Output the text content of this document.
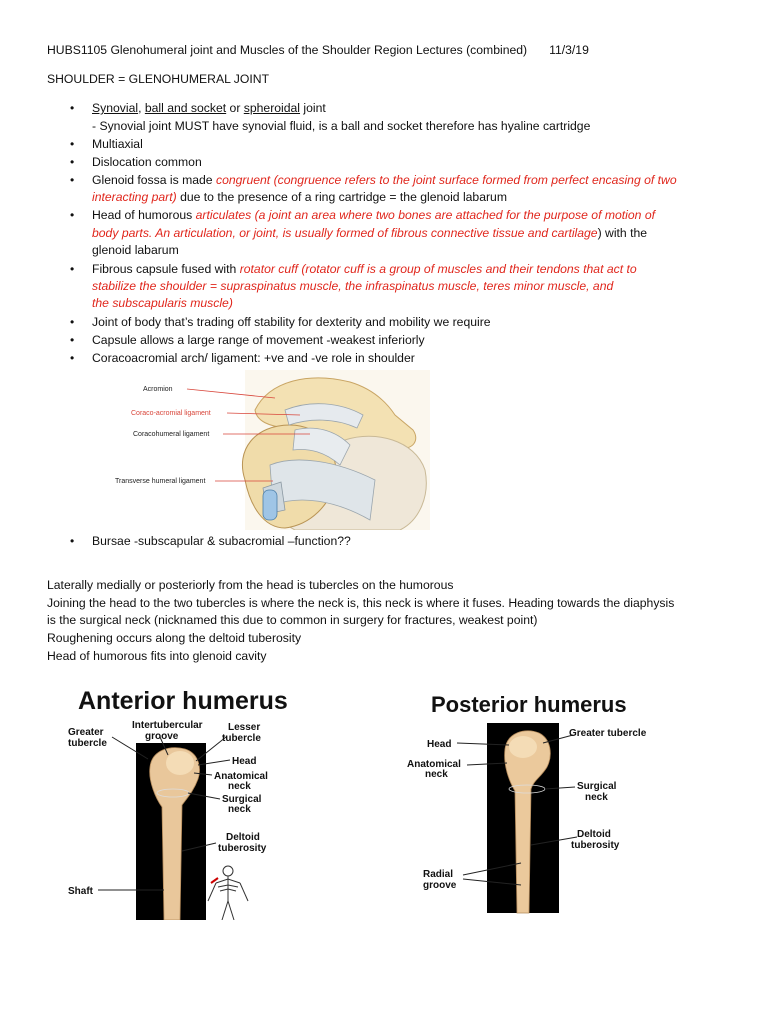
HUBS1105 Glenohumeral joint and Muscles of the Shoulder Region Lectures (combined) 11/3/19
SHOULDER = GLENOHUMERAL JOINT
• Synovial, ball and socket or spheroidal joint
- Synovial joint MUST have synovial fluid, is a ball and socket therefore has hyaline cartridge
• Multiaxial
• Dislocation common
• Glenoid fossa is made congruent (congruence refers to the joint surface formed from perfect encasing of two
interacting part) due to the presence of a ring cartridge = the glenoid labarum
• Head of humorous articulates (a joint an area where two bones are attached for the purpose of motion of
body parts. An articulation, or joint, is usually formed of fibrous connective tissue and cartilage) with the
glenoid labarum
• Fibrous capsule fused with rotator cuff (rotator cuff is a group of muscles and their tendons that act to
stabilize the shoulder = supraspinatus muscle, the infraspinatus muscle, teres minor muscle, and
the subscapularis muscle)
• Joint of body that’s trading off stability for dexterity and mobility we require
• Capsule allows a large range of movement -weakest inferiorly
• Coracoacromial arch/ ligament: +ve and -ve role in shoulder
Acromion
Coraco-acromial ligament
Coracohumeral ligament
Transverse humeral ligament
• Bursae -subscapular & subacromial –function??
Laterally medially or posteriorly from the head is tubercles on the humorous
Joining the head to the two tubercles is where the neck is, this neck is where it fuses. Heading towards the diaphysis
is the surgical neck (nicknamed this due to common in surgery for fractures, weakest point)
Roughening occurs along the deltoid tuberosity
Head of humorous fits into glenoid cavity
Anterior humerus
Greater
tubercle
Intertubercular
groove
Lesser
tubercle
Head
Anatomical
neck
Surgical
neck
Deltoid
tuberosity
Shaft
Posterior humerus
Head
Anatomical
neck
Greater tubercle
Surgical
neck
Deltoid
tuberosity
Radial
groove
